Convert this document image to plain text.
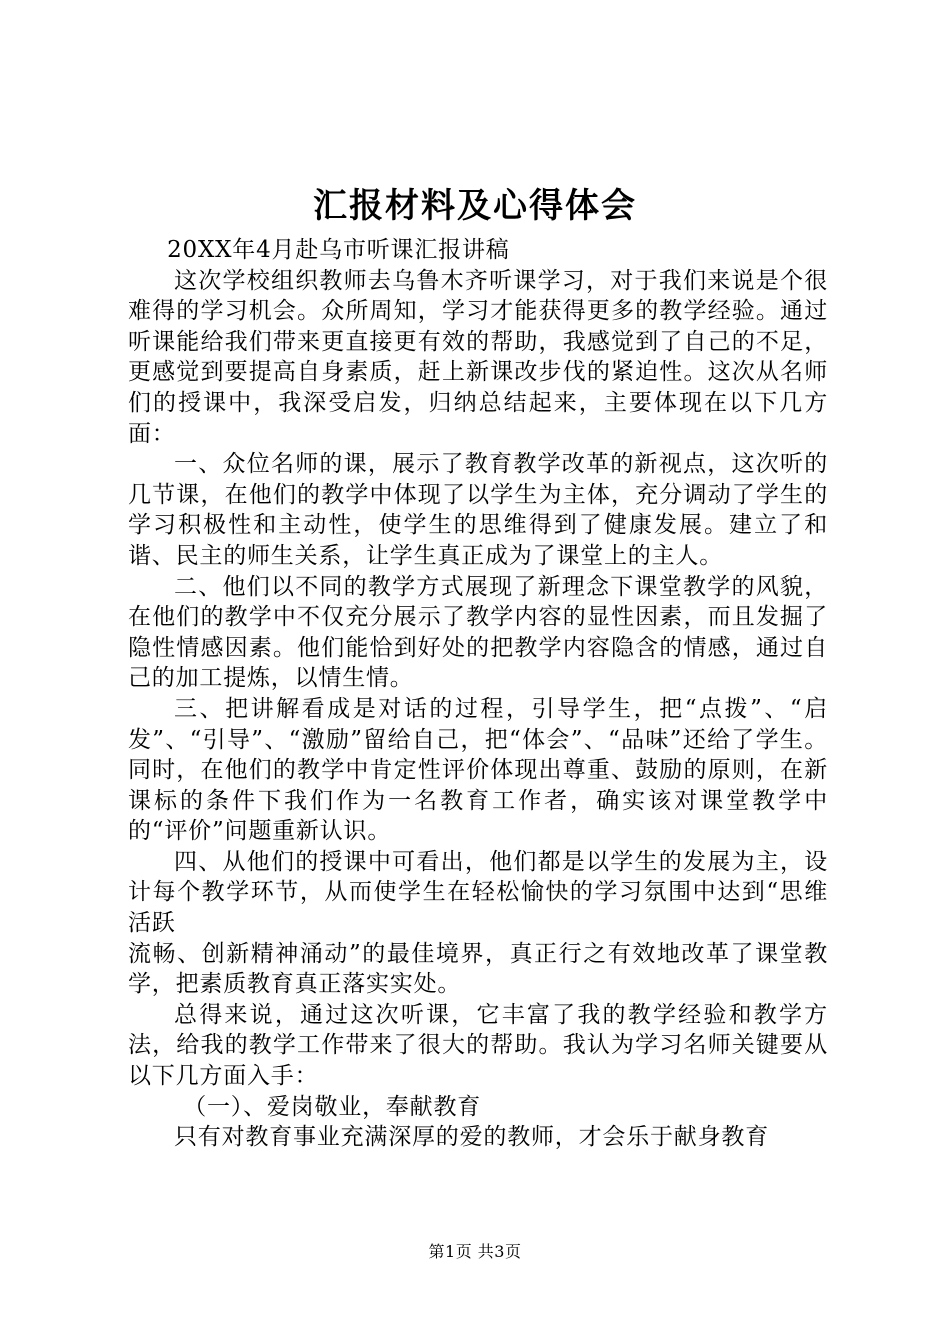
汇报材料及心得体会

20XX年4月赴乌市听课汇报讲稿

这次学校组织教师去乌鲁木齐听课学习，对于我们来说是个很难得的学习机会。众所周知，学习才能获得更多的教学经验。通过听课能给我们带来更直接更有效的帮助，我感觉到了自己的不足，更感觉到要提高自身素质，赶上新课改步伐的紧迫性。这次从名师们的授课中，我深受启发，归纳总结起来，主要体现在以下几方面：

一、众位名师的课，展示了教育教学改革的新视点，这次听的几节课，在他们的教学中体现了以学生为主体，充分调动了学生的学习积极性和主动性，使学生的思维得到了健康发展。建立了和谐、民主的师生关系，让学生真正成为了课堂上的主人。

二、他们以不同的教学方式展现了新理念下课堂教学的风貌，在他们的教学中不仅充分展示了教学内容的显性因素，而且发掘了隐性情感因素。他们能恰到好处的把教学内容隐含的情感，通过自己的加工提炼，以情生情。

三、把讲解看成是对话的过程，引导学生，把“点拨”、“启发”、“引导”、“激励”留给自己，把“体会”、“品味”还给了学生。同时，在他们的教学中肯定性评价体现出尊重、鼓励的原则，在新课标的条件下我们作为一名教育工作者，确实该对课堂教学中的“评价”问题重新认识。

四、从他们的授课中可看出，他们都是以学生的发展为主，设计每个教学环节，从而使学生在轻松愉快的学习氛围中达到“思维活跃

流畅、创新精神涌动”的最佳境界，真正行之有效地改革了课堂教学，把素质教育真正落实实处。

总得来说，通过这次听课，它丰富了我的教学经验和教学方法，给我的教学工作带来了很大的帮助。我认为学习名师关键要从以下几方面入手：

（一）、爱岗敬业，奉献教育

只有对教育事业充满深厚的爱的教师，才会乐于献身教育

第1页 共3页
